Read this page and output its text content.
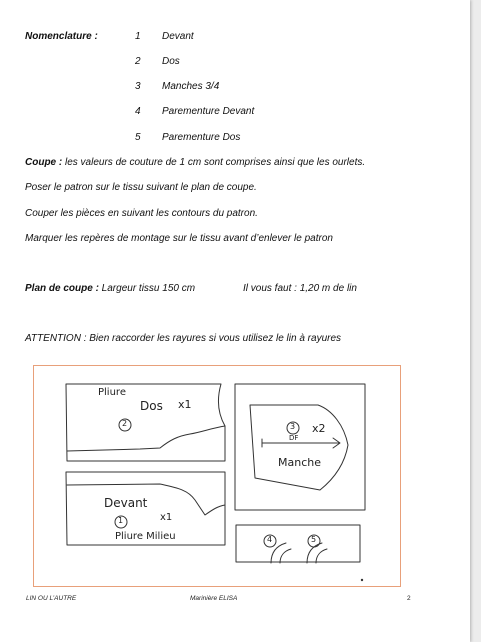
Nomenclature :	1 Devant
2 Dos
3 Manches 3/4
4 Parementure Devant
5 Parementure Dos
Coupe : les valeurs de couture de 1 cm sont comprises ainsi que les ourlets.
Poser le patron sur le tissu suivant le plan de coupe.
Couper les pièces en suivant les contours du patron.
Marquer les repères de montage sur le tissu avant d’enlever le patron
Plan de coupe : Largeur tissu 150 cm	Il vous faut : 1,20 m de lin
ATTENTION : Bien raccorder les rayures si vous utilisez le lin à rayures
Pliure
Dos x1
2	3 x2
DF
Manche
Devant
1	x1
Pliure Milieu	4	5
LIN OU L’AUTRE	Marinière ELISA	2
